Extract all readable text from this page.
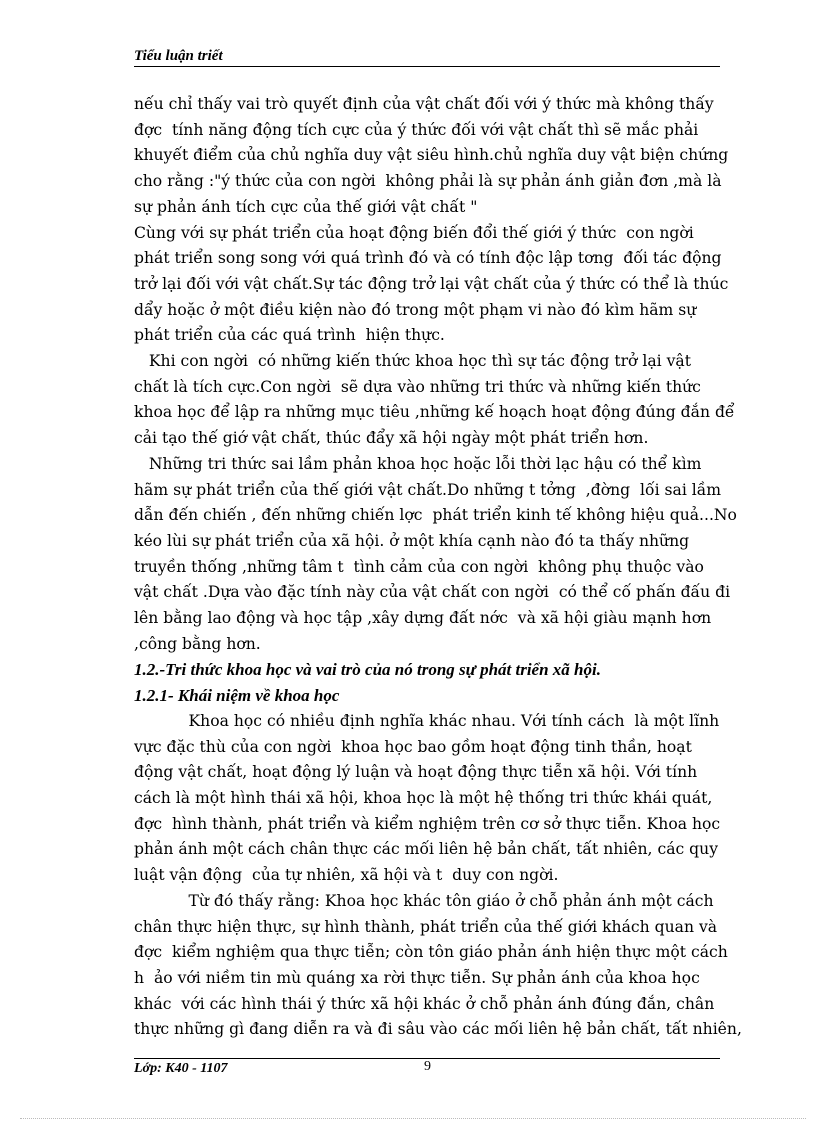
Tiểu luận triết

nếu chỉ thấy vai trò quyết định của vật chất đối với ý thức mà không thấy
đợc  tính năng động tích cực của ý thức đối với vật chất thì sẽ mắc phải
khuyết điểm của chủ nghĩa duy vật siêu hình.chủ nghĩa duy vật biện chứng
cho rằng :"ý thức của con ngời  không phải là sự phản ánh giản đơn ,mà là
sự phản ánh tích cực của thế giới vật chất "

Cùng với sự phát triển của hoạt động biến đổi thế giới ý thức  con ngời
phát triển song song với quá trình đó và có tính độc lập tơng  đối tác động
trở lại đối với vật chất.Sự tác động trở lại vật chất của ý thức có thể là thúc
dẩy hoặc ở một điều kiện nào đó trong một phạm vi nào đó kìm hãm sự
phát triển của các quá trình  hiện thực.

Khi con ngời  có những kiến thức khoa học thì sự tác động trở lại vật
chất là tích cực.Con ngời  sẽ dựa vào những tri thức và những kiến thức
khoa học để lập ra những mục tiêu ,những kế hoạch hoạt động đúng đắn để
cải tạo thế giớ vật chất, thúc đẩy xã hội ngày một phát triển hơn.

Những tri thức sai lầm phản khoa học hoặc lỗi thời lạc hậu có thể kìm
hãm sự phát triển của thế giới vật chất.Do những t tởng  ,đờng  lối sai lầm
dẫn đến chiến , đến những chiến lợc  phát triển kinh tế không hiệu quả...No
kéo lùi sự phát triển của xã hội. ở một khía cạnh nào đó ta thấy những
truyền thống ,những tâm t  tình cảm của con ngời  không phụ thuộc vào
vật chất .Dựa vào đặc tính này của vật chất con ngời  có thể cố phấn đấu đi
lên bằng lao động và học tập ,xây dựng đất nớc  và xã hội giàu mạnh hơn
,công bằng hơn.

1.2.-Tri thức khoa học và vai trò của nó trong sự phát triển xã hội.

1.2.1- Khái niệm về khoa học

Khoa học có nhiều định nghĩa khác nhau. Với tính cách  là một lĩnh
vực đặc thù của con ngời  khoa học bao gồm hoạt động tinh thần, hoạt
động vật chất, hoạt động lý luận và hoạt động thực tiễn xã hội. Với tính
cách là một hình thái xã hội, khoa học là một hệ thống tri thức khái quát,
đợc  hình thành, phát triển và kiểm nghiệm trên cơ sở thực tiễn. Khoa học
phản ánh một cách chân thực các mối liên hệ bản chất, tất nhiên, các quy
luật vận động  của tự nhiên, xã hội và t  duy con ngời.

Từ đó thấy rằng: Khoa học khác tôn giáo ở chỗ phản ánh một cách
chân thực hiện thực, sự hình thành, phát triển của thế giới khách quan và
đợc  kiểm nghiệm qua thực tiễn; còn tôn giáo phản ánh hiện thực một cách
h  ảo với niềm tin mù quáng xa rời thực tiễn. Sự phản ánh của khoa học
khác  với các hình thái ý thức xã hội khác ở chỗ phản ánh đúng đắn, chân
thực những gì đang diễn ra và đi sâu vào các mối liên hệ bản chất, tất nhiên,

Lớp: K40 - 1107	9
